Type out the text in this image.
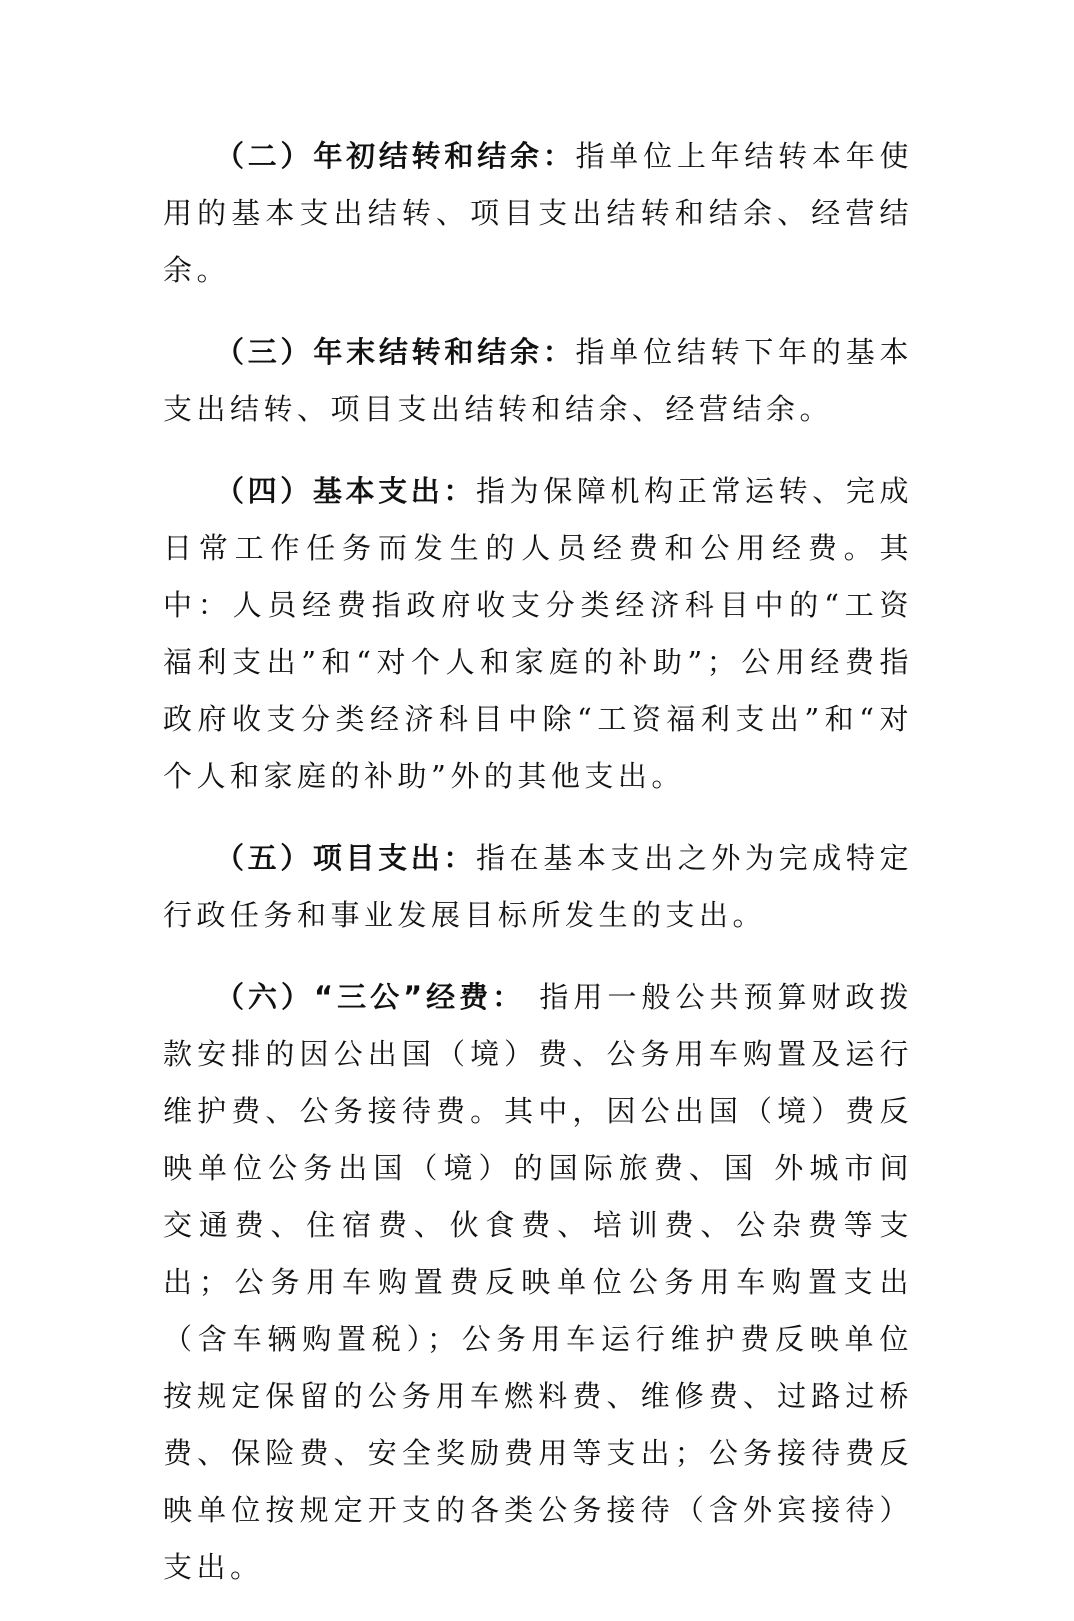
（二）年初结转和结余：指单位上年结转本年使用的基本支出结转、项目支出结转和结余、经营结余。

（三）年末结转和结余：指单位结转下年的基本支出结转、项目支出结转和结余、经营结余。

（四）基本支出：指为保障机构正常运转、完成日常工作任务而发生的人员经费和公用经费。其中：人员经费指政府收支分类经济科目中的“工资福利支出”和“对个人和家庭的补助”；公用经费指政府收支分类经济科目中除“工资福利支出”和“对个人和家庭的补助”外的其他支出。

（五）项目支出：指在基本支出之外为完成特定行政任务和事业发展目标所发生的支出。

（六）“三公”经费： 指用一般公共预算财政拨款安排的因公出国（境）费、公务用车购置及运行维护费、公务接待费。其中，因公出国（境）费反映单位公务出国（境）的国际旅费、国 外城市间交通费、住宿费、伙食费、培训费、公杂费等支出；公务用车购置费反映单位公务用车购置支出（含车辆购置税）；公务用车运行维护费反映单位按规定保留的公务用车燃料费、维修费、过路过桥费、保险费、安全奖励费用等支出；公务接待费反映单位按规定开支的各类公务接待（含外宾接待）支出。
